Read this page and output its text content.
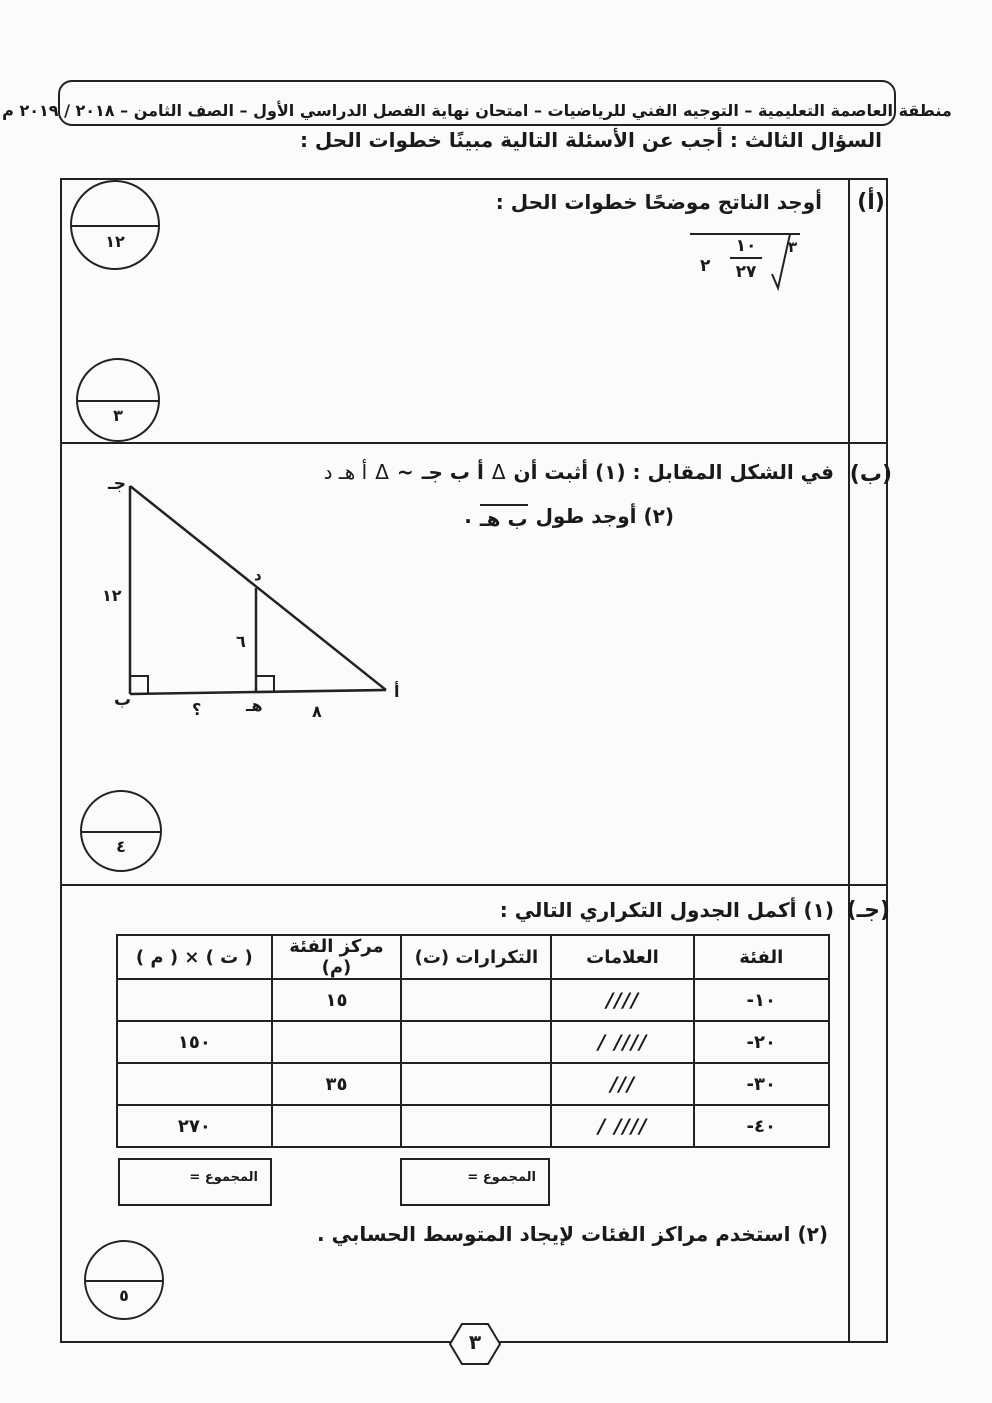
منطقة العاصمة التعليمية – التوجيه الفني للرياضيات – امتحان نهاية الفصل الدراسي الأول – الصف الثامن – ٢٠١٨ / ٢٠١٩ م
السؤال الثالث : أجب عن الأسئلة التالية مبينًا خطوات الحل :
(أ)
أوجد الناتج موضحًا خطوات الحل :
٣
٢
١٠
٢٧
١٢
٣
(ب)
في الشكل المقابل : (١) أثبت أن
Δ
أ ب جـ
~
Δ
أ هـ د
(٢) أوجد طول
ب هـ
.
جـ
د
ب	هـ
أ
١٢
٦
؟	٨
٤
(جـ)
(١) أكمل الجدول التكراري التالي :
الفئة	العلامات	التكرارات (ت)	مركز الفئة (م)	( ت ) × ( م )
١٠-	////		١٥	
٢٠-	//// /			١٥٠
٣٠-	///		٣٥	
٤٠-	//// /			٢٧٠
المجموع =
المجموع =
(٢) استخدم مراكز الفئات لإيجاد المتوسط الحسابي .
٥
٣
